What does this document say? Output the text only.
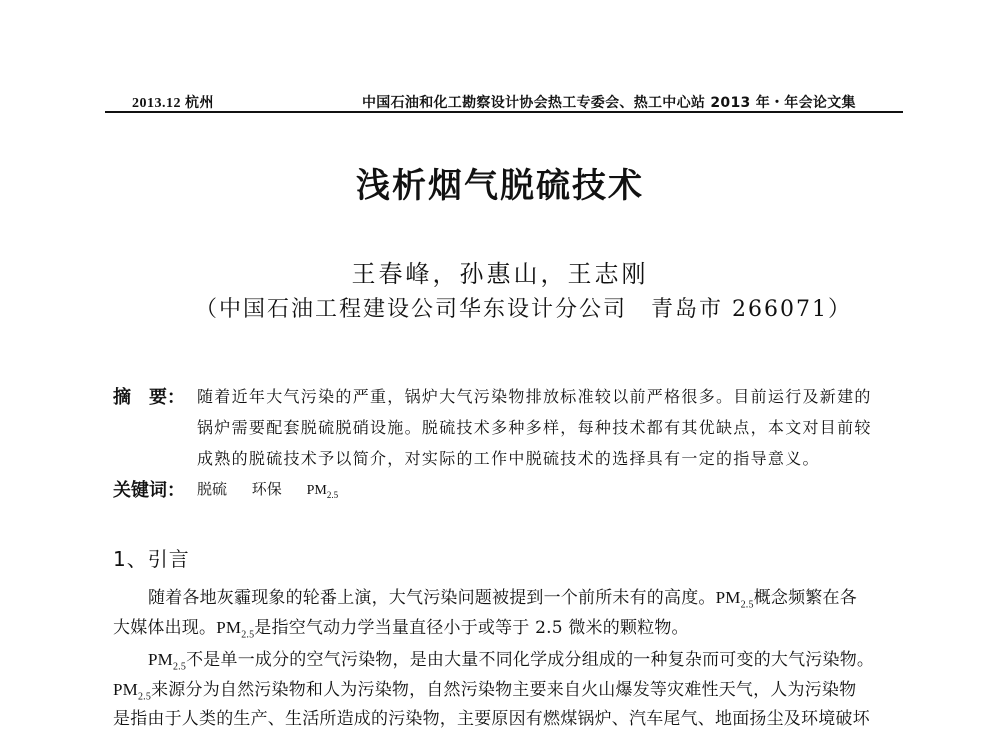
2013.12 杭州	中国石油和化工勘察设计协会热工专委会、热工中心站 2013 年・年会论文集
浅析烟气脱硫技术
王春峰，孙惠山，王志刚
（中国石油工程建设公司华东设计分公司　青岛市 266071）
摘　要： 随着近年大气污染的严重，锅炉大气污染物排放标准较以前严格很多。目前运行及新建的
锅炉需要配套脱硫脱硝设施。脱硫技术多种多样，每种技术都有其优缺点，本文对目前较
成熟的脱硫技术予以简介，对实际的工作中脱硫技术的选择具有一定的指导意义。
关键词： 脱硫 环保 $PM_{2.5}$
1、引言
随着各地灰霾现象的轮番上演，大气污染问题被提到一个前所未有的高度。$PM_{2.5}$概念频繁在各
大媒体出现。$PM_{2.5}$是指空气动力学当量直径小于或等于 2.5 微米的颗粒物。
$PM_{2.5}$不是单一成分的空气污染物，是由大量不同化学成分组成的一种复杂而可变的大气污染物。
$PM_{2.5}$来源分为自然污染物和人为污染物，自然污染物主要来自火山爆发等灾难性天气，人为污染物
是指由于人类的生产、生活所造成的污染物，主要原因有燃煤锅炉、汽车尾气、地面扬尘及环境破坏
